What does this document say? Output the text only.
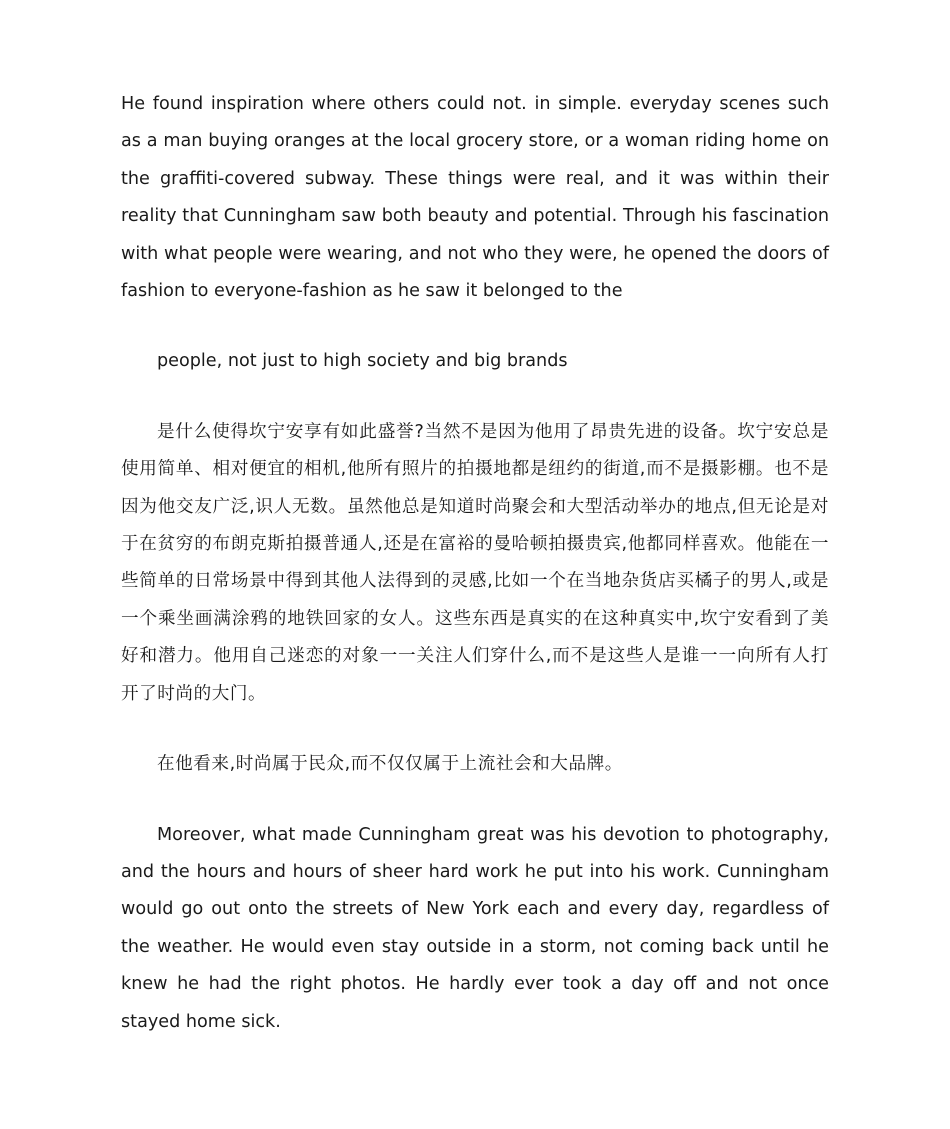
He found inspiration where others could not. in simple. everyday scenes such as a man buying oranges at the local grocery store, or a woman riding home on the graffiti-covered subway. These things were real, and it was within their reality that Cunningham saw both beauty and potential. Through his fascination with what people were wearing, and not who they were, he opened the doors of fashion to everyone-fashion as he saw it belonged to the

people, not just to high society and big brands

是什么使得坎宁安享有如此盛誉?当然不是因为他用了昂贵先进的设备。坎宁安总是使用简单、相对便宜的相机,他所有照片的拍摄地都是纽约的街道,而不是摄影棚。也不是因为他交友广泛,识人无数。虽然他总是知道时尚聚会和大型活动举办的地点,但无论是对于在贫穷的布朗克斯拍摄普通人,还是在富裕的曼哈顿拍摄贵宾,他都同样喜欢。他能在一些简单的日常场景中得到其他人法得到的灵感,比如一个在当地杂货店买橘子的男人,或是一个乘坐画满涂鸦的地铁回家的女人。这些东西是真实的在这种真实中,坎宁安看到了美好和潜力。他用自己迷恋的对象一一关注人们穿什么,而不是这些人是谁一一向所有人打开了时尚的大门。

在他看来,时尚属于民众,而不仅仅属于上流社会和大品牌。

Moreover, what made Cunningham great was his devotion to photography, and the hours and hours of sheer hard work he put into his work. Cunningham would go out onto the streets of New York each and every day, regardless of the weather. He would even stay outside in a storm, not coming back until he knew he had the right photos. He hardly ever took a day off and not once stayed home sick.
